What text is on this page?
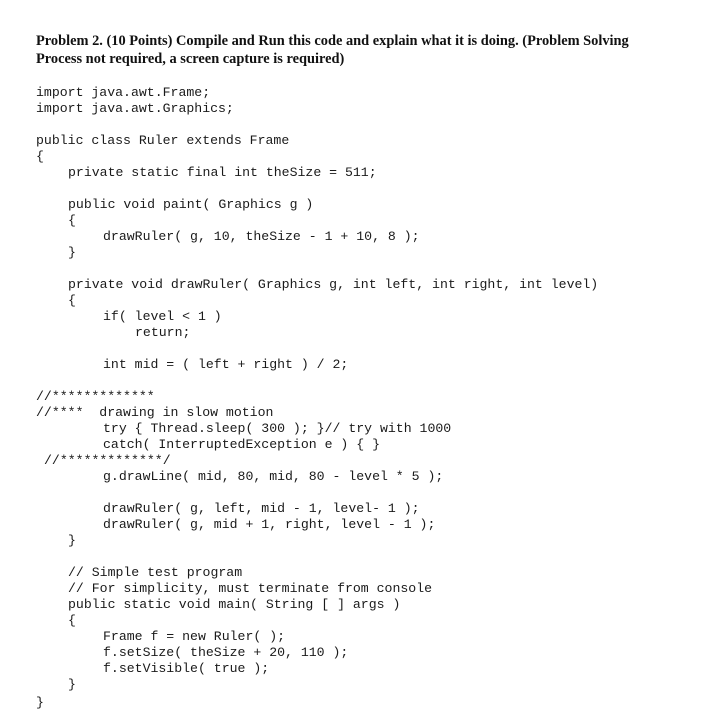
Problem 2. (10 Points) Compile and Run this code and explain what it is doing. (Problem Solving
Process not required, a screen capture is required)
import java.awt.Frame;
import java.awt.Graphics;
public class Ruler extends Frame
{
private static final int theSize = 511;
public void paint( Graphics g )
{
drawRuler( g, 10, theSize - 1 + 10, 8 );
}
private void drawRuler( Graphics g, int left, int right, int level)
{
if( level < 1 )
return;
int mid = ( left + right ) / 2;
//*************
//****  drawing in slow motion
try { Thread.sleep( 300 ); }// try with 1000
catch( InterruptedException e ) { }
//*************/
g.drawLine( mid, 80, mid, 80 - level * 5 );
drawRuler( g, left, mid - 1, level- 1 );
drawRuler( g, mid + 1, right, level - 1 );
}
// Simple test program
// For simplicity, must terminate from console
public static void main( String [ ] args )
{
Frame f = new Ruler( );
f.setSize( theSize + 20, 110 );
f.setVisible( true );
}
}
